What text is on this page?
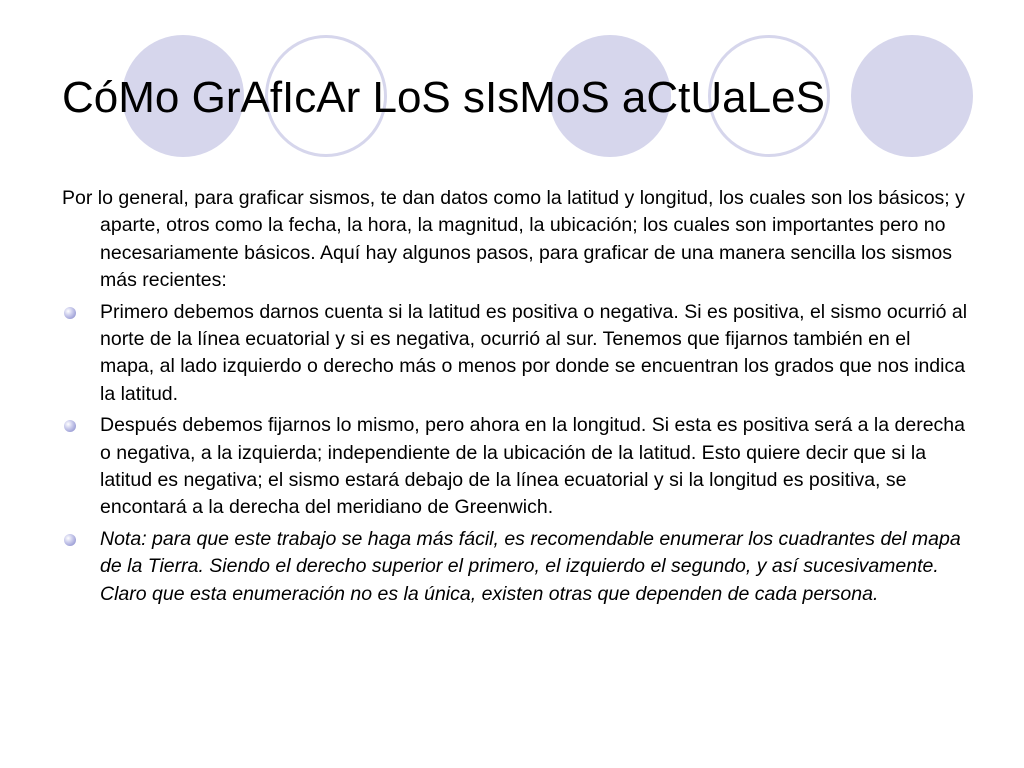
CóMo GrAfIcAr LoS sIsMoS aCtUaLeS

Por lo general, para graficar sismos, te dan datos como la latitud y longitud, los cuales son los básicos; y aparte, otros como la fecha, la hora, la magnitud, la ubicación; los cuales son importantes pero no necesariamente básicos. Aquí hay algunos pasos, para graficar de una manera sencilla los sismos más recientes:

Primero debemos darnos cuenta si la latitud es positiva o negativa. Si es positiva, el sismo ocurrió al norte de la línea ecuatorial y si es negativa, ocurrió al sur. Tenemos que fijarnos también en el mapa, al lado izquierdo o derecho más o menos por donde se encuentran los grados que nos indica la latitud.
Después debemos fijarnos lo mismo, pero ahora en la longitud. Si esta es positiva será a la derecha o negativa, a la izquierda; independiente de la ubicación de la latitud. Esto quiere decir que si la latitud es negativa; el sismo estará debajo de la línea ecuatorial y si la longitud es positiva, se encontará a la derecha del meridiano de Greenwich.
Nota: para que este trabajo se haga más fácil, es recomendable enumerar los cuadrantes del mapa de la Tierra. Siendo el derecho superior el primero, el izquierdo el segundo, y así sucesivamente. Claro que esta enumeración no es la única, existen otras que dependen de cada persona.
